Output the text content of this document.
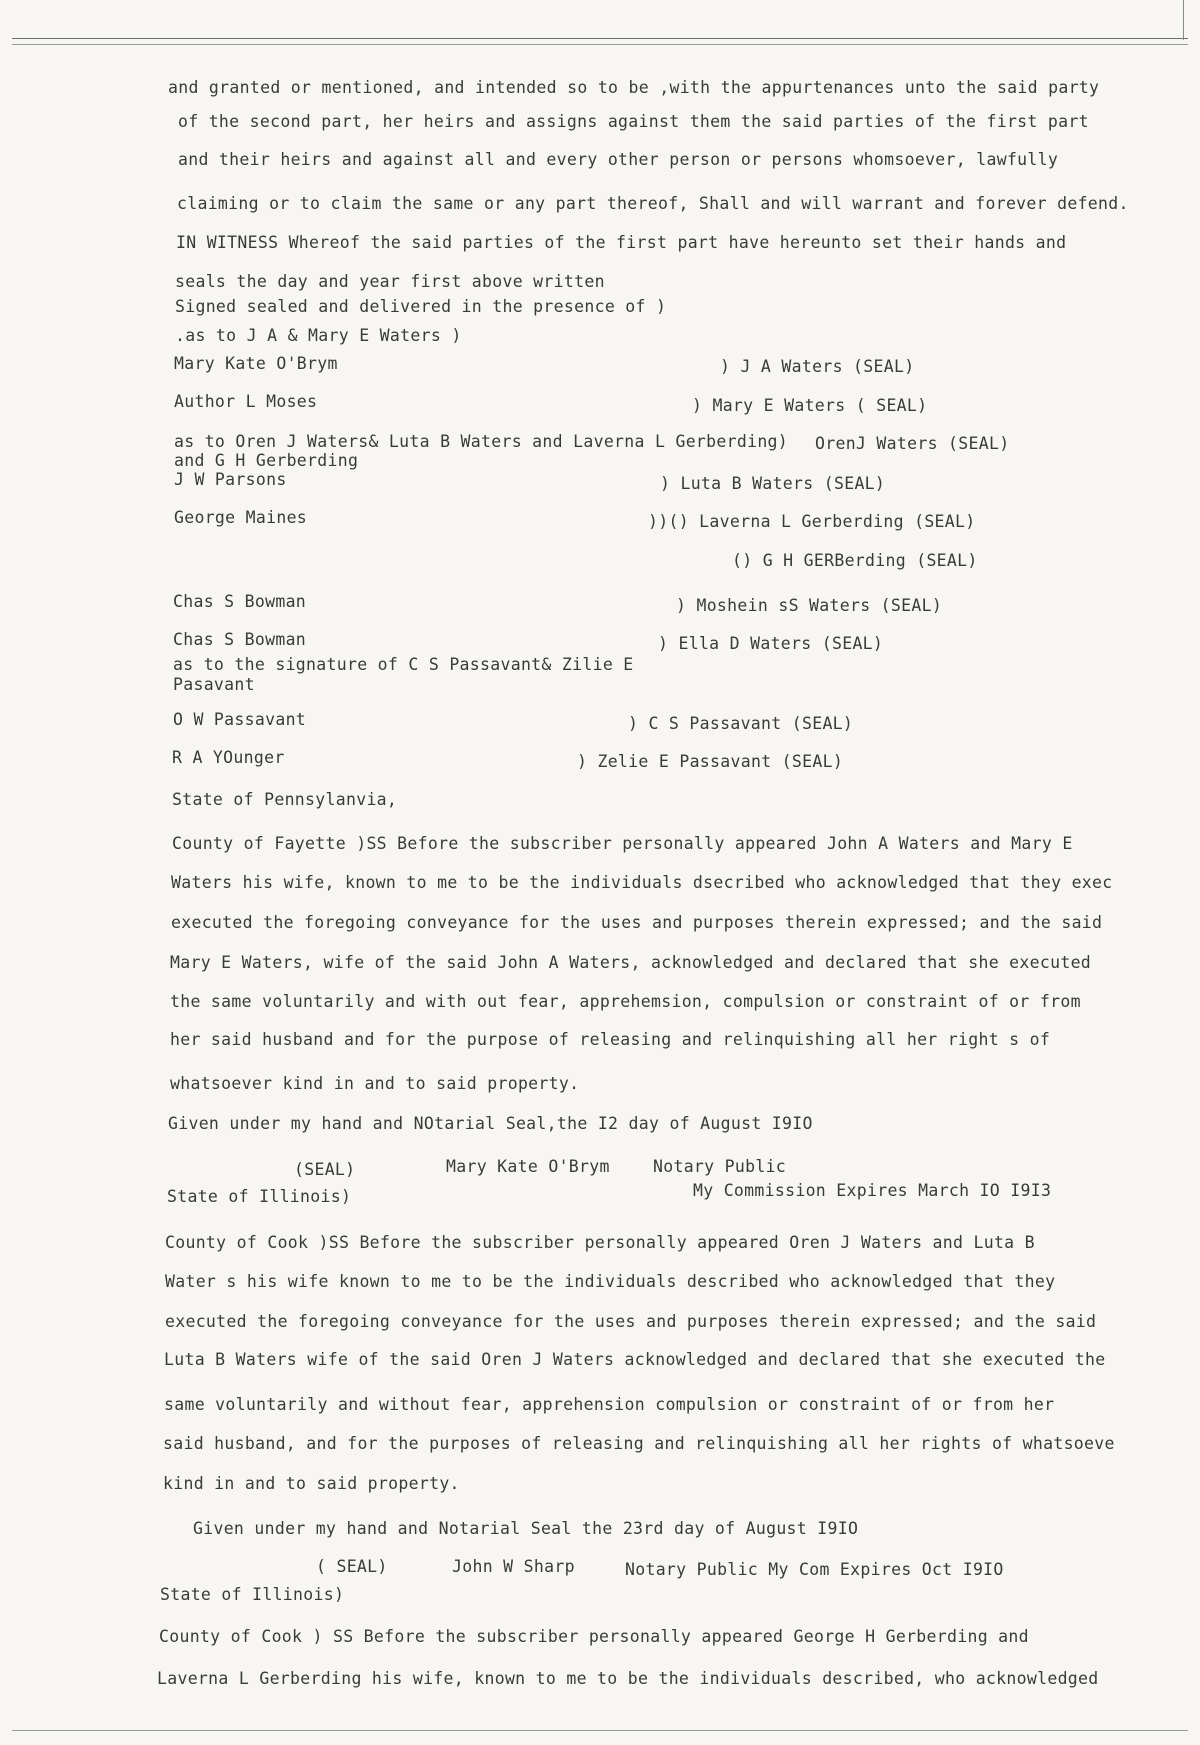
and granted or mentioned, and intended so to be ,with the appurtenances unto the said party
of the second part, her heirs and assigns against them the said parties of the first part
and their heirs and against all and every other person or persons whomsoever, lawfully
claiming or to claim the same or any part thereof, Shall and will warrant and forever defend.
IN WITNESS Whereof the said parties of the first part have hereunto set their hands and
seals the day and year first above written
Signed sealed and delivered in the presence of )
.as to J A & Mary E Waters )
Mary Kate O'Brym	) J A Waters (SEAL)
Author L Moses	) Mary E Waters ( SEAL)
as to Oren J Waters& Luta B Waters and Laverna L Gerberding) OrenJ Waters (SEAL)
and G H Gerberding
J W Parsons	) Luta B Waters (SEAL)
George Maines	))() Laverna L Gerberding (SEAL)
() G H GERBerding (SEAL)
Chas S Bowman	) Moshein sS Waters (SEAL)
Chas S Bowman	) Ella D Waters (SEAL)
as to the signature of C S Passavant& Zilie E
Pasavant
O W Passavant	) C S Passavant (SEAL)
R A YOunger	) Zelie E Passavant (SEAL)
State of Pennsylanvia,
County of Fayette )SS Before the subscriber personally appeared John A Waters and Mary E
Waters his wife, known to me to be the individuals dsecribed who acknowledged that they exec
executed the foregoing conveyance for the uses and purposes therein expressed; and the said
Mary E Waters, wife of the said John A Waters, acknowledged and declared that she executed
the same voluntarily and with out fear, apprehemsion, compulsion or constraint of or from
her said husband and for the purpose of releasing and relinquishing all her right s of
whatsoever kind in and to said property.
Given under my hand and NOtarial Seal,the I2 day of August I9IO
(SEAL)	Mary Kate O'Brym	Notary Public
State of Illinois)	My Commission Expires March IO I9I3
County of Cook )SS Before the subscriber personally appeared Oren J Waters and Luta B
Water s his wife known to me to be the individuals described who acknowledged that they
executed the foregoing conveyance for the uses and purposes therein expressed; and the said
Luta B Waters wife of the said Oren J Waters acknowledged and declared that she executed the
same voluntarily and without fear, apprehension compulsion or constraint of or from her
said husband, and for the purposes of releasing and relinquishing all her rights of whatsoeve
kind in and to said property.
Given under my hand and Notarial Seal the 23rd day of August I9IO
( SEAL)	John W Sharp	Notary Public My Com Expires Oct I9IO
State of Illinois)
County of Cook ) SS Before the subscriber personally appeared George H Gerberding and
Laverna L Gerberding his wife, known to me to be the individuals described, who acknowledged
